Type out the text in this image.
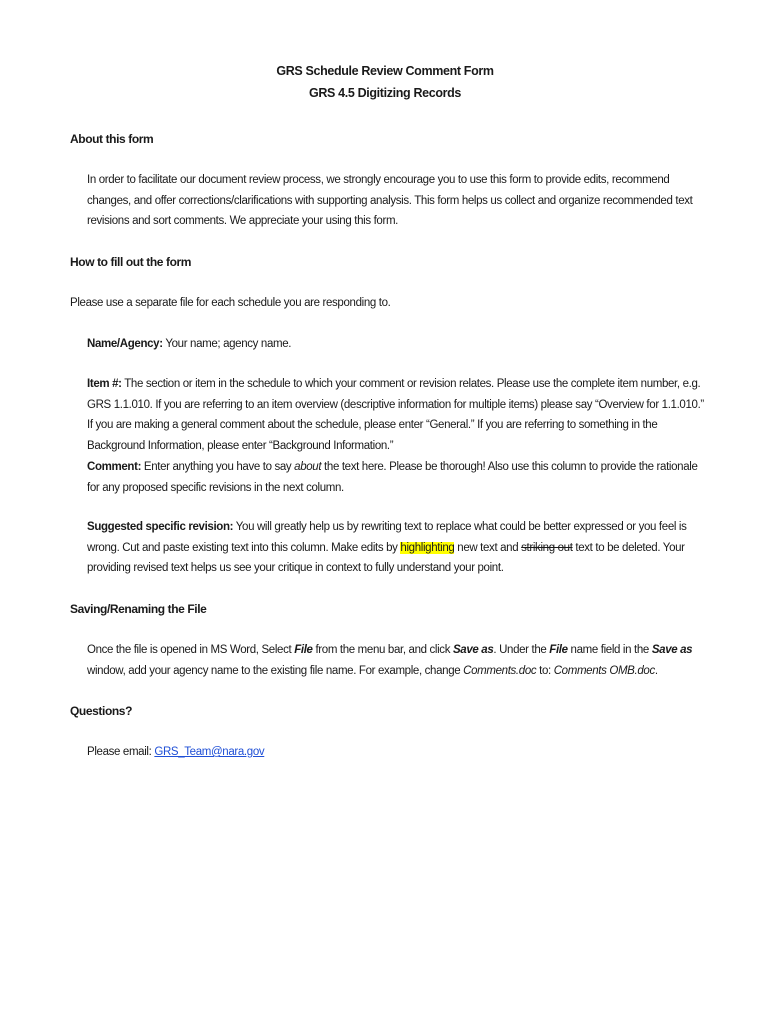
GRS Schedule Review Comment Form
GRS 4.5 Digitizing Records
About this form
In order to facilitate our document review process, we strongly encourage you to use this form to provide edits, recommend changes, and offer corrections/clarifications with supporting analysis. This form helps us collect and organize recommended text revisions and sort comments. We appreciate your using this form.
How to fill out the form
Please use a separate file for each schedule you are responding to.
Name/Agency: Your name; agency name.
Item #: The section or item in the schedule to which your comment or revision relates. Please use the complete item number, e.g. GRS 1.1.010. If you are referring to an item overview (descriptive information for multiple items) please say “Overview for 1.1.010.” If you are making a general comment about the schedule, please enter “General.” If you are referring to something in the Background Information, please enter “Background Information.”
Comment: Enter anything you have to say about the text here. Please be thorough! Also use this column to provide the rationale for any proposed specific revisions in the next column.
Suggested specific revision: You will greatly help us by rewriting text to replace what could be better expressed or you feel is wrong. Cut and paste existing text into this column. Make edits by highlighting new text and striking out text to be deleted. Your providing revised text helps us see your critique in context to fully understand your point.
Saving/Renaming the File
Once the file is opened in MS Word, Select File from the menu bar, and click Save as. Under the File name field in the Save as window, add your agency name to the existing file name. For example, change Comments.doc to: Comments OMB.doc.
Questions?
Please email: GRS_Team@nara.gov
